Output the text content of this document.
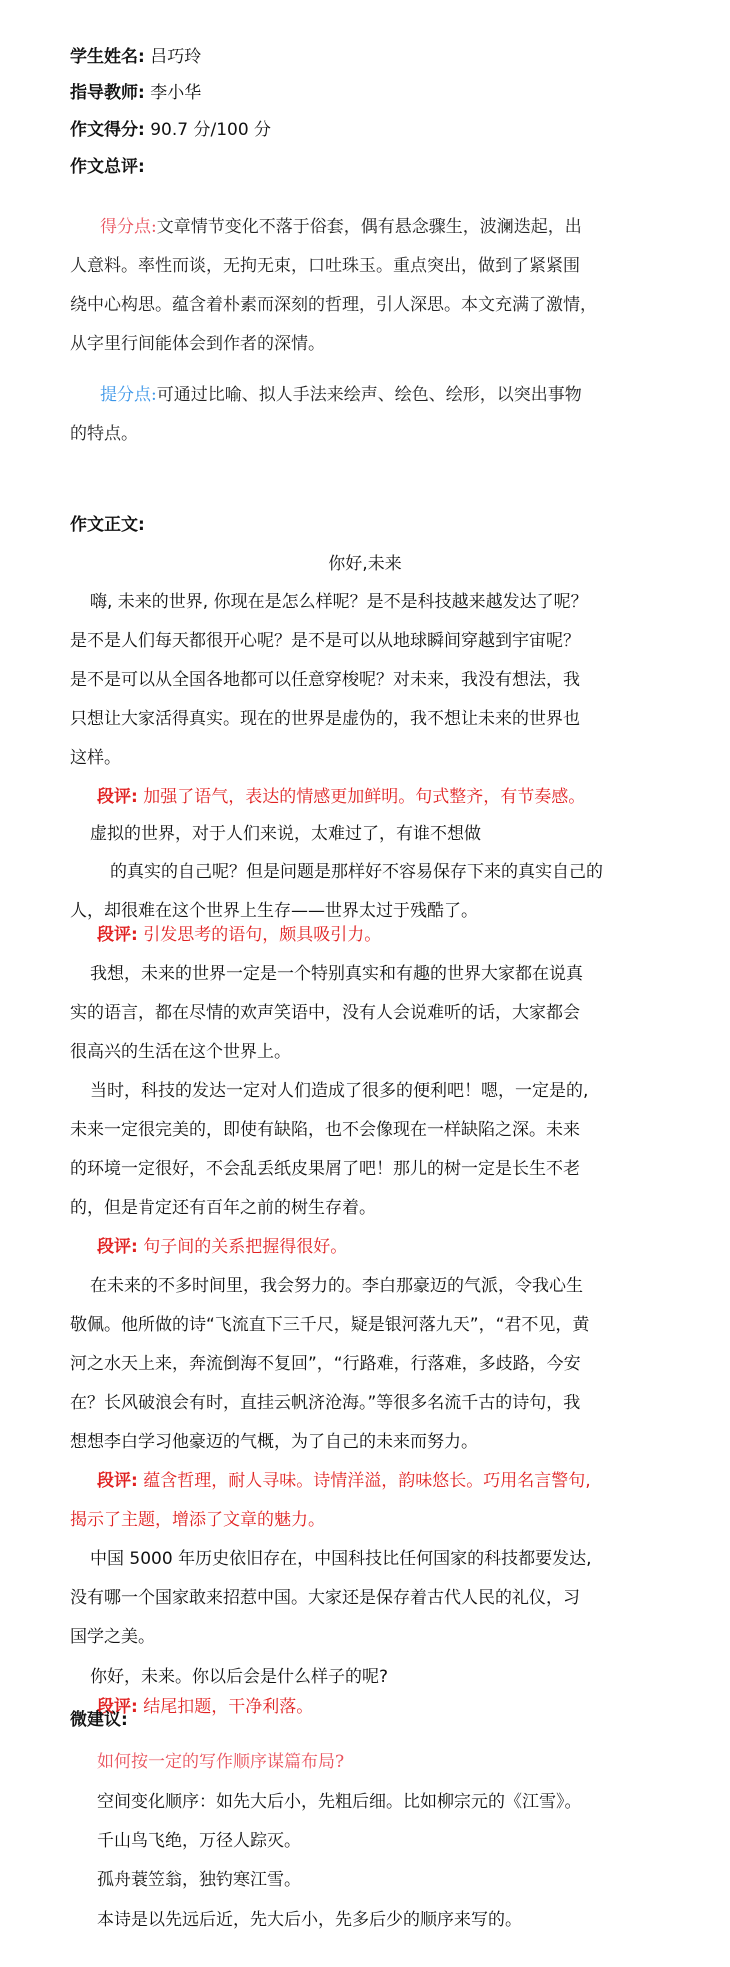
学生姓名: 吕巧玲
指导教师: 李小华
作文得分: 90.7 分/100 分
作文总评:
得分点:文章情节变化不落于俗套，偶有悬念骤生，波澜迭起，出
人意料。率性而谈，无拘无束，口吐珠玉。重点突出，做到了紧紧围
绕中心构思。蕴含着朴素而深刻的哲理，引人深思。本文充满了激情，
从字里行间能体会到作者的深情。
提分点:可通过比喻、拟人手法来绘声、绘色、绘形，以突出事物
的特点。
作文正文:
你好,未来
嗨, 未来的世界, 你现在是怎么样呢？是不是科技越来越发达了呢？
是不是人们每天都很开心呢？是不是可以从地球瞬间穿越到宇宙呢？
是不是可以从全国各地都可以任意穿梭呢？对未来，我没有想法，我
只想让大家活得真实。现在的世界是虚伪的，我不想让未来的世界也
这样。
段评: 加强了语气，表达的情感更加鲜明。句式整齐，有节奏感。
虚拟的世界，对于人们来说，太难过了，有谁不想做
的真实的自己呢？但是问题是那样好不容易保存下来的真实自己的
人，却很难在这个世界上生存——世界太过于残酷了。
段评: 引发思考的语句，颇具吸引力。
我想，未来的世界一定是一个特别真实和有趣的世界大家都在说真
实的语言，都在尽情的欢声笑语中，没有人会说难听的话，大家都会
很高兴的生活在这个世界上。
当时，科技的发达一定对人们造成了很多的便利吧！嗯，一定是的,
未来一定很完美的，即使有缺陷，也不会像现在一样缺陷之深。未来
的环境一定很好，不会乱丢纸皮果屑了吧！那儿的树一定是长生不老
的，但是肯定还有百年之前的树生存着。
段评: 句子间的关系把握得很好。
在未来的不多时间里，我会努力的。李白那豪迈的气派，令我心生
敬佩。他所做的诗“飞流直下三千尺，疑是银河落九天”，“君不见，黄
河之水天上来，奔流倒海不复回”，“行路难，行落难，多歧路，今安
在？长风破浪会有时，直挂云帆济沧海。”等很多名流千古的诗句，我
想想李白学习他豪迈的气概，为了自己的未来而努力。
段评: 蕴含哲理，耐人寻味。诗情洋溢，韵味悠长。巧用名言警句,
揭示了主题，增添了文章的魅力。
中国 5000 年历史依旧存在，中国科技比任何国家的科技都要发达,
没有哪一个国家敢来招惹中国。大家还是保存着古代人民的礼仪，习
国学之美。
你好，未来。你以后会是什么样子的呢?
段评: 结尾扣题，干净利落。
微建议:
如何按一定的写作顺序谋篇布局?
空间变化顺序：如先大后小，先粗后细。比如柳宗元的《江雪》。
千山鸟飞绝，万径人踪灭。
孤舟蓑笠翁，独钓寒江雪。
本诗是以先远后近，先大后小，先多后少的顺序来写的。
